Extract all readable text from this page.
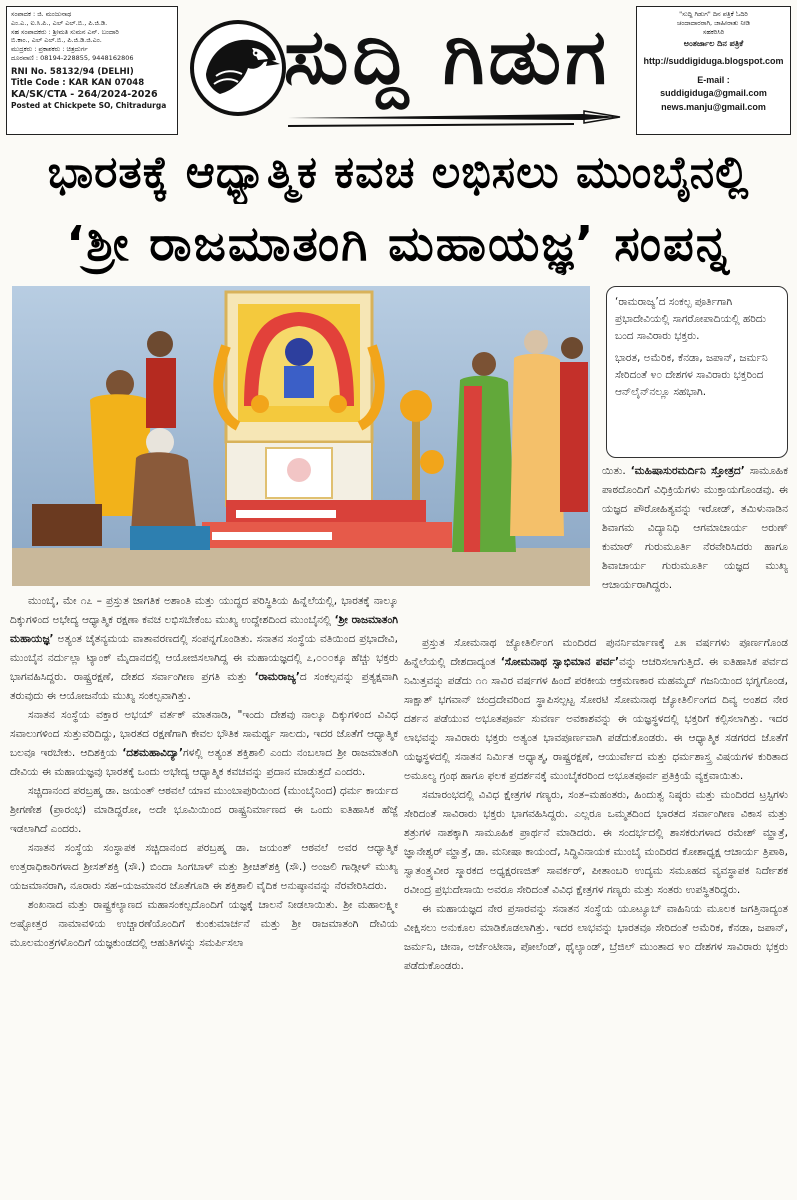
ಸಂಪಾದಕ : ಜಿ. ಮಂಜುನಾಥ
ಎಂ.ಎ., ಐ.ಸಿ.ಪಿ., ಎಲ್ ಎಲ್.ಬಿ., ಪಿ.ಜಿ.ಡಿ.
ಸಹ ಸಂಪಾದಕರು : ಶ್ರೀಮತಿ ಸುಮನ ಎನ್. ಬಂದಾರಿ
ಬಿ.ಕಾಂ., ಎಲ್ ಎಲ್.ಬಿ., ಪಿ.ಜಿ.ಡಿ.ಜಿ.ಎಂ.
ಮುದ್ರಕರು : ಪ್ರಕಾಶಕರು : ಚಿತ್ರದುರ್ಗ
ದೂರವಾಣಿ : 08194-228855, 9448162806
RNI No. 58132/94 (DELHI)
Title Code : KAR KAN 07048
KA/SK/CTA - 264/2024-2026
Posted at Chickpete SO, Chitradurga
ಸುದ್ದಿ ಗಿಡುಗ	"ಸುದ್ದಿ ಗಿಡುಗ" ದಿನ ಪತ್ರಿಕೆ ಓದಿರಿ
ಚಂದಾದಾರರಾಗಿ, ಜಾಹೀರಾತು ನೀಡಿ
ಸಹಕರಿಸಿರಿ
ಅಂತರ್ಜಾಲ ದಿನ ಪತ್ರಿಕೆ
http://suddigiduga.blogspot.com
E-mail :
suddigiduga@gmail.com
news.manju@gmail.com
ಭಾರತಕ್ಕೆ ಆಧ್ಯಾತ್ಮಿಕ ಕವಚ ಲಭಿಸಲು ಮುಂಬೈನಲ್ಲಿ
‘ಶ್ರೀ ರಾಜಮಾತಂಗಿ ಮಹಾಯಜ್ಞ’ ಸಂಪನ್ನ

‘ರಾಮರಾಜ್ಯ’ದ ಸಂಕಲ್ಪ ಪೂರ್ತಿಗಾಗಿ ಪ್ರಭಾದೇವಿಯಲ್ಲಿ ಸಾಗರೋಪಾದಿಯಲ್ಲಿ ಹರಿದು ಬಂದ ಸಾವಿರಾರು ಭಕ್ತರು.

ಭಾರತ, ಅಮೆರಿಕ, ಕೆನಡಾ, ಜಪಾನ್, ಜರ್ಮನಿ ಸೇರಿದಂತೆ ೪೦ ದೇಶಗಳ ಸಾವಿರಾರು ಭಕ್ತರಿಂದ ಆನ್‌ಲೈನ್‌ನಲ್ಲೂ ಸಹಭಾಗಿ.

ಯಿತು. ‘ಮಹಿಷಾಸುರಮರ್ದಿನಿ ಸ್ತೋತ್ರದ’ ಸಾಮೂಹಿಕ ಪಾಠದೊಂದಿಗೆ ವಿಧಿಕ್ರಿಯೆಗಳು ಮುಕ್ತಾಯಗೊಂಡವು. ಈ ಯಜ್ಞದ ಪೌರೋಹಿತ್ಯವನ್ನು ಇರೋಡ್, ತಮಿಳುನಾಡಿನ ಶಿವಾಗಮ ವಿದ್ಯಾನಿಧಿ ಆಗಮಾಚಾರ್ಯ ಅರುಣ್ ಕುಮಾರ್ ಗುರುಮೂರ್ತಿ ನೆರವೇರಿಸಿದರು ಹಾಗೂ ಶಿವಾಚಾರ್ಯ ಗುರುಮೂರ್ತಿ ಯಜ್ಞದ ಮುಖ್ಯ ಆಚಾರ್ಯರಾಗಿದ್ದರು.

ಮುಂಬೈ, ಮೇ ೧೭ – ಪ್ರಸ್ತುತ ಜಾಗತಿಕ ಅಶಾಂತಿ ಮತ್ತು ಯುದ್ಧದ ಪರಿಸ್ಥಿತಿಯ ಹಿನ್ನೆಲೆಯಲ್ಲಿ, ಭಾರತಕ್ಕೆ ನಾಲ್ಕೂ ದಿಕ್ಕುಗಳಿಂದ ಅಭೇದ್ಯ ಆಧ್ಯಾತ್ಮಿಕ ರಕ್ಷಣಾ ಕವಚ ಲಭಿಸಬೇಕೆಂಬ ಮುಖ್ಯ ಉದ್ದೇಶದಿಂದ ಮುಂಬೈನಲ್ಲಿ ‘ಶ್ರೀ ರಾಜಮಾತಂಗಿ ಮಹಾಯಜ್ಞ’ ಅತ್ಯಂತ ಚೈತನ್ಯಮಯ ವಾತಾವರಣದಲ್ಲಿ ಸಂಪನ್ನಗೊಂಡಿತು. ಸನಾತನ ಸಂಸ್ಥೆಯ ವತಿಯಿಂದ ಪ್ರಭಾದೇವಿ, ಮುಂಬೈನ ನರ್ದುಲ್ಲಾ ಟ್ಯಾಂಕ್ ಮೈದಾನದಲ್ಲಿ ಆಯೋಜಿಸಲಾಗಿದ್ದ ಈ ಮಹಾಯಜ್ಞದಲ್ಲಿ ೭,೦೦೦ಕ್ಕೂ ಹೆಚ್ಚು ಭಕ್ತರು ಭಾಗವಹಿಸಿದ್ದರು. ರಾಷ್ಟ್ರರಕ್ಷಣೆ, ದೇಶದ ಸರ್ವಾಂಗೀಣ ಪ್ರಗತಿ ಮತ್ತು ‘ರಾಮರಾಜ್ಯ’ದ ಸಂಕಲ್ಪವನ್ನು ಪ್ರತ್ಯಕ್ಷವಾಗಿ ತರುವುದು ಈ ಆಯೋಜನೆಯ ಮುಖ್ಯ ಸಂಕಲ್ಪವಾಗಿತ್ತು.

ಸನಾತನ ಸಂಸ್ಥೆಯ ವಕ್ತಾರ ಅಭಯ್ ವರ್ತಕ್ ಮಾತನಾಡಿ, "ಇಂದು ದೇಶವು ನಾಲ್ಕೂ ದಿಕ್ಕುಗಳಿಂದ ವಿವಿಧ ಸವಾಲುಗಳಿಂದ ಸುತ್ತುವರಿದಿದ್ದು, ಭಾರತದ ರಕ್ಷಣೆಗಾಗಿ ಕೇವಲ ಭೌತಿಕ ಸಾಮರ್ಥ್ಯ ಸಾಲದು, ಇದರ ಜೊತೆಗೆ ಆಧ್ಯಾತ್ಮಿಕ ಬಲವೂ ಇರಬೇಕು. ಆದಿಶಕ್ತಿಯ ‘ದಶಮಹಾವಿದ್ಯಾ’ಗಳಲ್ಲಿ ಅತ್ಯಂತ ಶಕ್ತಿಶಾಲಿ ಎಂದು ನಂಬಲಾದ ಶ್ರೀ ರಾಜಮಾತಂಗಿ ದೇವಿಯ ಈ ಮಹಾಯಜ್ಞವು ಭಾರತಕ್ಕೆ ಒಂದು ಅಭೇದ್ಯ ಆಧ್ಯಾತ್ಮಿಕ ಕವಚವನ್ನು ಪ್ರದಾನ ಮಾಡುತ್ತದೆ ಎಂದರು.

ಸಚ್ಚಿದಾನಂದ ಪರಬ್ರಹ್ಮ ಡಾ. ಜಯಂತ್ ಆಠವಲೆ ಯಾವ ಮುಂಬಾಪುರಿಯಿಂದ (ಮುಂಬೈನಿಂದ) ಧರ್ಮ ಕಾರ್ಯದ ಶ್ರೀಗಣೇಶ (ಪ್ರಾರಂಭ) ಮಾಡಿದ್ದರೋ, ಅದೇ ಭೂಮಿಯಿಂದ ರಾಷ್ಟ್ರನಿರ್ಮಾಣದ ಈ ಒಂದು ಐತಿಹಾಸಿಕ ಹೆಜ್ಜೆ ಇಡಲಾಗಿದೆ ಎಂದರು.

ಸನಾತನ ಸಂಸ್ಥೆಯ ಸಂಸ್ಥಾಪಕ ಸಚ್ಚಿದಾನಂದ ಪರಬ್ರಹ್ಮ ಡಾ. ಜಯಂತ್ ಆಠವಲೆ ಅವರ ಆಧ್ಯಾತ್ಮಿಕ ಉತ್ತರಾಧಿಕಾರಿಗಳಾದ ಶ್ರೀಸತ್‌ಶಕ್ತಿ (ಸೌ.) ಬಿಂದಾ ಸಿಂಗಬಾಳ್ ಮತ್ತು ಶ್ರೀಚಿತ್‌ಶಕ್ತಿ (ಸೌ.) ಅಂಜಲಿ ಗಾಡ್ಗೀಳ್ ಮುಖ್ಯ ಯಜಮಾನರಾಗಿ, ನೂರಾರು ಸಹ–ಯಜಮಾನರ ಜೊತೆಗೂಡಿ ಈ ಶಕ್ತಿಶಾಲಿ ವೈದಿಕ ಅನುಷ್ಠಾನವನ್ನು ನೆರವೇರಿಸಿದರು.

ಶಂಖನಾದ ಮತ್ತು ರಾಷ್ಟ್ರಕಲ್ಯಾಣದ ಮಹಾಸಂಕಲ್ಪದೊಂದಿಗೆ ಯಜ್ಞಕ್ಕೆ ಚಾಲನೆ ನೀಡಲಾಯಿತು. ಶ್ರೀ ಮಹಾಲಕ್ಷ್ಮೀ ಅಷ್ಟೋತ್ತರ ನಾಮಾವಳಿಯ ಉಚ್ಚಾರಣೆಯೊಂದಿಗೆ ಕುಂಕುಮಾರ್ಚನೆ ಮತ್ತು ಶ್ರೀ ರಾಜಮಾತಂಗಿ ದೇವಿಯ ಮೂಲಮಂತ್ರಗಳೊಂದಿಗೆ ಯಜ್ಞಕುಂಡದಲ್ಲಿ ಆಹುತಿಗಳನ್ನು ಸಮರ್ಪಿಸಲಾ

ಪ್ರಸ್ತುತ ಸೋಮನಾಥ ಜ್ಯೋತಿರ್ಲಿಂಗ ಮಂದಿರದ ಪುನರ್ನಿರ್ಮಾಣಕ್ಕೆ ೭೫ ವರ್ಷಗಳು ಪೂರ್ಣಗೊಂಡ ಹಿನ್ನೆಲೆಯಲ್ಲಿ ದೇಶದಾದ್ಯಂತ ‘ಸೋಮನಾಥ ಸ್ವಾಭಿಮಾನ ಪರ್ವ’ವನ್ನು ಆಚರಿಸಲಾಗುತ್ತಿದೆ. ಈ ಐತಿಹಾಸಿಕ ಪರ್ವದ ನಿಮಿತ್ತವನ್ನು ಪಡೆದು ೧೧ ಸಾವಿರ ವರ್ಷಗಳ ಹಿಂದೆ ಪರಕೀಯ ಆಕ್ರಮಣಕಾರ ಮಹಮ್ಮದ್ ಗಜನಿಯಿಂದ ಭಗ್ನಗೊಂಡ, ಸಾಕ್ಷಾತ್ ಭಗವಾನ್ ಚಂದ್ರದೇವರಿಂದ ಸ್ಥಾಪಿಸಲ್ಪಟ್ಟ ಸೋರಟಿ ಸೋಮನಾಥ ಜ್ಯೋತಿರ್ಲಿಂಗದ ದಿವ್ಯ ಅಂಶದ ನೇರ ದರ್ಶನ ಪಡೆಯುವ ಅಭೂತಪೂರ್ವ ಸುವರ್ಣ ಅವಕಾಶವನ್ನು ಈ ಯಜ್ಞಸ್ಥಳದಲ್ಲಿ ಭಕ್ತರಿಗೆ ಕಲ್ಪಿಸಲಾಗಿತ್ತು. ಇದರ ಲಾಭವನ್ನು ಸಾವಿರಾರು ಭಕ್ತರು ಅತ್ಯಂತ ಭಾವಪೂರ್ಣವಾಗಿ ಪಡೆದುಕೊಂಡರು. ಈ ಆಧ್ಯಾತ್ಮಿಕ ಸಡಗರದ ಜೊತೆಗೆ ಯಜ್ಞಸ್ಥಳದಲ್ಲಿ ಸನಾತನ ನಿರ್ಮಿತ ಅಧ್ಯಾತ್ಮ, ರಾಷ್ಟ್ರರಕ್ಷಣೆ, ಆಯುರ್ವೇದ ಮತ್ತು ಧರ್ಮಶಾಸ್ತ್ರ ವಿಷಯಗಳ ಕುರಿತಾದ ಅಮೂಲ್ಯ ಗ್ರಂಥ ಹಾಗೂ ಫಲಕ ಪ್ರದರ್ಶನಕ್ಕೆ ಮುಂಬೈಕರರಿಂದ ಅಭೂತಪೂರ್ವ ಪ್ರತಿಕ್ರಿಯೆ ವ್ಯಕ್ತವಾಯಿತು.

ಸಮಾರಂಭದಲ್ಲಿ ವಿವಿಧ ಕ್ಷೇತ್ರಗಳ ಗಣ್ಯರು, ಸಂತ–ಮಹಂತರು, ಹಿಂದುತ್ವ ನಿಷ್ಠರು ಮತ್ತು ಮಂದಿರದ ಟ್ರಸ್ಟಿಗಳು ಸೇರಿದಂತೆ ಸಾವಿರಾರು ಭಕ್ತರು ಭಾಗವಹಿಸಿದ್ದರು. ಎಲ್ಲರೂ ಒಮ್ಮತದಿಂದ ಭಾರತದ ಸರ್ವಾಂಗೀಣ ವಿಕಾಸ ಮತ್ತು ಶತ್ರುಗಳ ನಾಶಕ್ಕಾಗಿ ಸಾಮೂಹಿಕ ಪ್ರಾರ್ಥನೆ ಮಾಡಿದರು. ಈ ಸಂದರ್ಭದಲ್ಲಿ ಶಾಸಕರುಗಳಾದ ರಮೇಶ್ ಮ್ಹಾತ್ರೆ, ಜ್ಞಾನೇಶ್ವರ್ ಮ್ಹಾತ್ರೆ, ಡಾ. ಮನೀಷಾ ಕಾಯಂದೆ, ಸಿದ್ಧಿವಿನಾಯಕ ಮುಂಬೈ ಮಂದಿರದ ಕೋಶಾಧ್ಯಕ್ಷ ಆಚಾರ್ಯ ತ್ರಿಪಾಠಿ, ಸ್ವಾತಂತ್ರ್ಯವೀರ ಸ್ಮಾರಕದ ಅಧ್ಯಕ್ಷರಣಜಿತ್ ಸಾವರ್ಕರ್, ಪೀತಾಂಬರಿ ಉದ್ಯಮ ಸಮೂಹದ ವ್ಯವಸ್ಥಾಪಕ ನಿರ್ದೇಶಕ ರವೀಂದ್ರ ಪ್ರಭುದೇಸಾಯಿ ಅವರೂ ಸೇರಿದಂತೆ ವಿವಿಧ ಕ್ಷೇತ್ರಗಳ ಗಣ್ಯರು ಮತ್ತು ಸಂತರು ಉಪಸ್ಥಿತರಿದ್ದರು.

ಈ ಮಹಾಯಜ್ಞದ ನೇರ ಪ್ರಸಾರವನ್ನು ಸನಾತನ ಸಂಸ್ಥೆಯ ಯೂಟ್ಯೂಬ್ ವಾಹಿನಿಯ ಮೂಲಕ ಜಗತ್ತಿನಾದ್ಯಂತ ವೀಕ್ಷಿಸಲು ಅನುಕೂಲ ಮಾಡಿಕೊಡಲಾಗಿತ್ತು. ಇದರ ಲಾಭವನ್ನು ಭಾರತವೂ ಸೇರಿದಂತೆ ಅಮೆರಿಕ, ಕೆನಡಾ, ಜಪಾನ್, ಜರ್ಮನಿ, ಚೀನಾ, ಅರ್ಜೆಂಟೀನಾ, ಪೋಲೆಂಡ್, ಥೈಲ್ಯಾಂಡ್, ಬ್ರೆಜಿಲ್ ಮುಂತಾದ ೪೦ ದೇಶಗಳ ಸಾವಿರಾರು ಭಕ್ತರು ಪಡೆದುಕೊಂಡರು.
